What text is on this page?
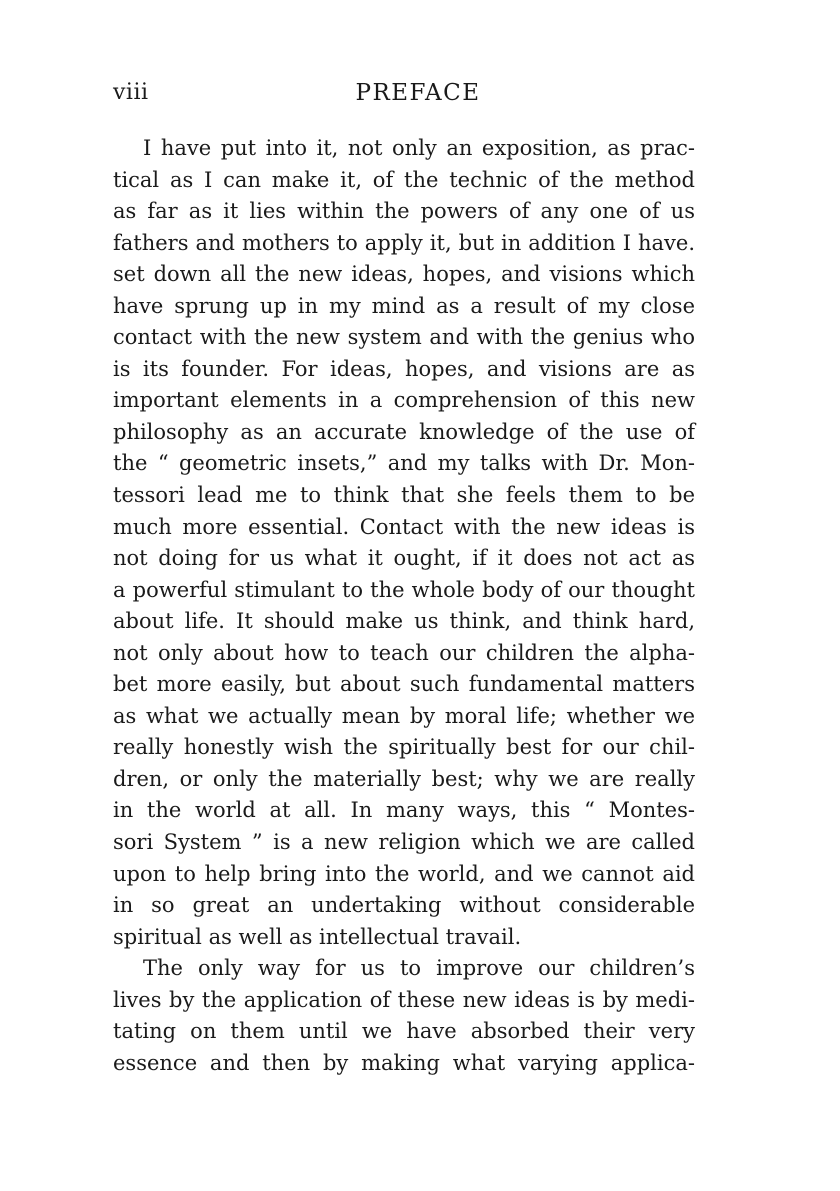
viii	PREFACE
I have put into it, not only an exposition, as prac-
tical as I can make it, of the technic of the method
as far as it lies within the powers of any one of us
fathers and mothers to apply it, but in addition I have.
set down all the new ideas, hopes, and visions which
have sprung up in my mind as a result of my close
contact with the new system and with the genius who
is its founder. For ideas, hopes, and visions are as
important elements in a comprehension of this new
philosophy as an accurate knowledge of the use of
the “ geometric insets,” and my talks with Dr. Mon-
tessori lead me to think that she feels them to be
much more essential. Contact with the new ideas is
not doing for us what it ought, if it does not act as
a powerful stimulant to the whole body of our thought
about life. It should make us think, and think hard,
not only about how to teach our children the alpha-
bet more easily, but about such fundamental matters
as what we actually mean by moral life; whether we
really honestly wish the spiritually best for our chil-
dren, or only the materially best; why we are really
in the world at all. In many ways, this “ Montes-
sori System ” is a new religion which we are called
upon to help bring into the world, and we cannot aid
in so great an undertaking without considerable
spiritual as well as intellectual travail.
The only way for us to improve our children’s
lives by the application of these new ideas is by medi-
tating on them until we have absorbed their very
essence and then by making what varying applica-
